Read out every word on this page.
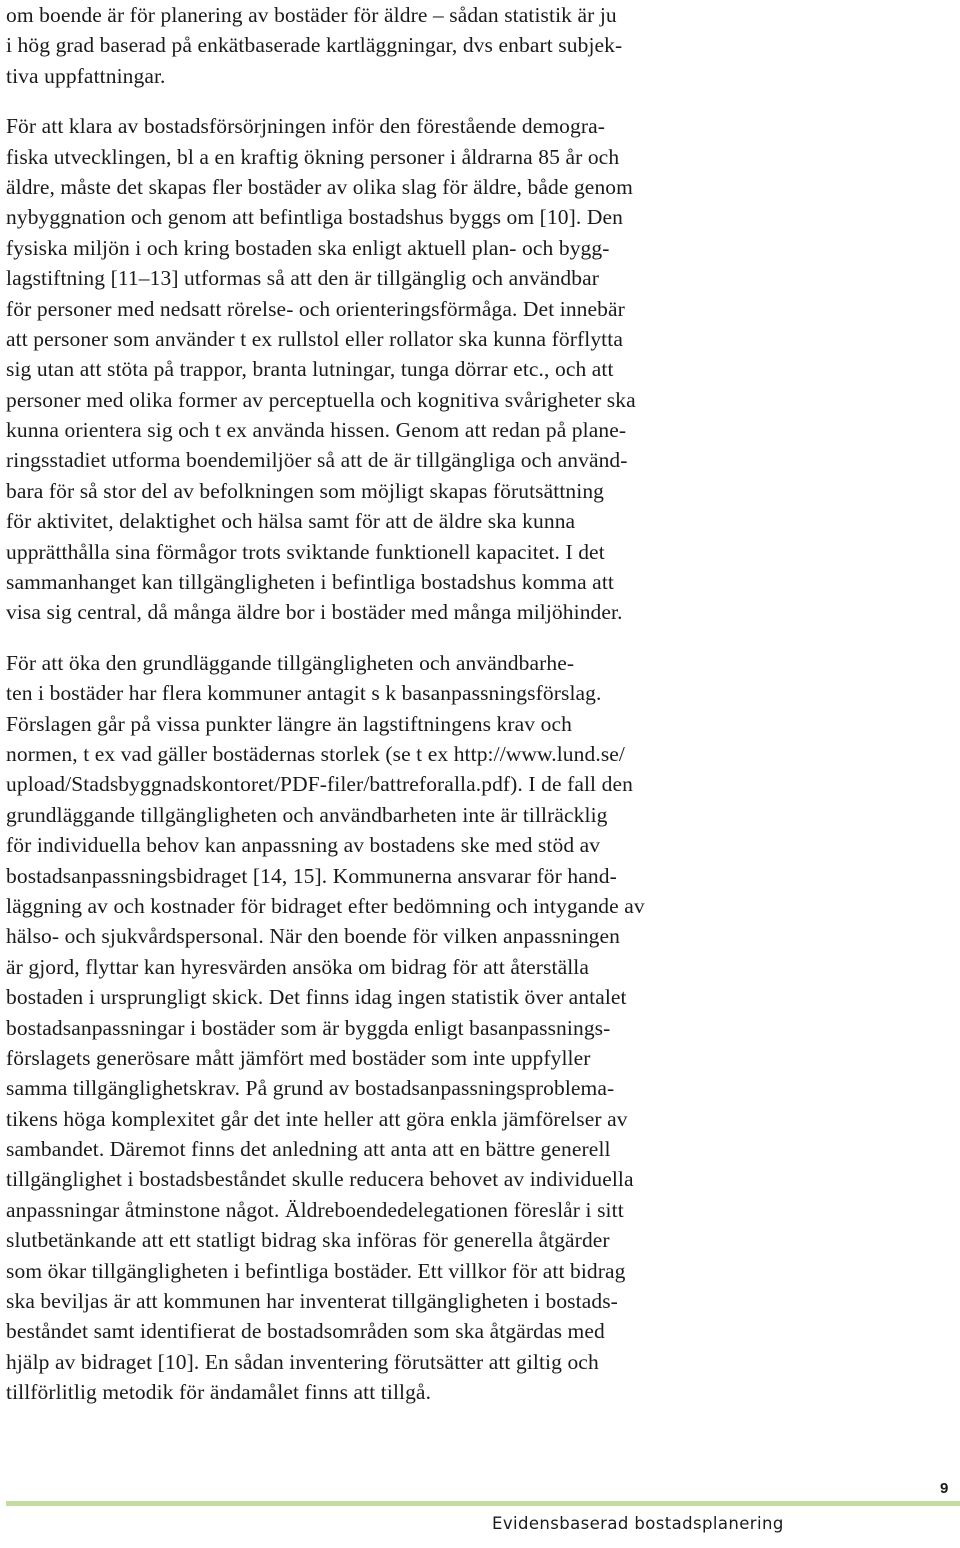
om boende är för planering av bostäder för äldre – sådan statistik är ju
i hög grad baserad på enkätbaserade kartläggningar, dvs enbart subjek-
tiva uppfattningar.
För att klara av bostadsförsörjningen inför den förestående demogra-
fiska utvecklingen, bl a en kraftig ökning personer i åldrarna 85 år och
äldre, måste det skapas fler bostäder av olika slag för äldre, både genom
nybyggnation och genom att befintliga bostadshus byggs om [10]. Den
fysiska miljön i och kring bostaden ska enligt aktuell plan- och bygg-
lagstiftning [11–13] utformas så att den är tillgänglig och användbar
för personer med nedsatt rörelse- och orienteringsförmåga. Det innebär
att personer som använder t ex rullstol eller rollator ska kunna förflytta
sig utan att stöta på trappor, branta lutningar, tunga dörrar etc., och att
personer med olika former av perceptuella och kognitiva svårigheter ska
kunna orientera sig och t ex använda hissen. Genom att redan på plane-
ringsstadiet utforma boendemiljöer så att de är tillgängliga och använd-
bara för så stor del av befolkningen som möjligt skapas förutsättning
för aktivitet, delaktighet och hälsa samt för att de äldre ska kunna
upprätthålla sina förmågor trots sviktande funktionell kapacitet. I det
sammanhanget kan tillgängligheten i befintliga bostadshus komma att
visa sig central, då många äldre bor i bostäder med många miljöhinder.
För att öka den grundläggande tillgängligheten och användbarhe-
ten i bostäder har flera kommuner antagit s k basanpassningsförslag.
Förslagen går på vissa punkter längre än lagstiftningens krav och
normen, t ex vad gäller bostädernas storlek (se t ex http://www.lund.se/
upload/Stadsbyggnadskontoret/PDF-filer/battreforalla.pdf). I de fall den
grundläggande tillgängligheten och användbarheten inte är tillräcklig
för individuella behov kan anpassning av bostadens ske med stöd av
bostadsanpassningsbidraget [14, 15]. Kommunerna ansvarar för hand-
läggning av och kostnader för bidraget efter bedömning och intygande av
hälso- och sjukvårdspersonal. När den boende för vilken anpassningen
är gjord, flyttar kan hyresvärden ansöka om bidrag för att återställa
bostaden i ursprungligt skick. Det finns idag ingen statistik över antalet
bostadsanpassningar i bostäder som är byggda enligt basanpassnings-
förslagets generösare mått jämfört med bostäder som inte uppfyller
samma tillgänglighetskrav. På grund av bostadsanpassningsproblema-
tikens höga komplexitet går det inte heller att göra enkla jämförelser av
sambandet. Däremot finns det anledning att anta att en bättre generell
tillgänglighet i bostadsbeståndet skulle reducera behovet av individuella
anpassningar åtminstone något. Äldreboendedelegationen föreslår i sitt
slutbetänkande att ett statligt bidrag ska införas för generella åtgärder
som ökar tillgängligheten i befintliga bostäder. Ett villkor för att bidrag
ska beviljas är att kommunen har inventerat tillgängligheten i bostads-
beståndet samt identifierat de bostadsområden som ska åtgärdas med
hjälp av bidraget [10]. En sådan inventering förutsätter att giltig och
tillförlitlig metodik för ändamålet finns att tillgå.
9
Evidensbaserad bostadsplanering
